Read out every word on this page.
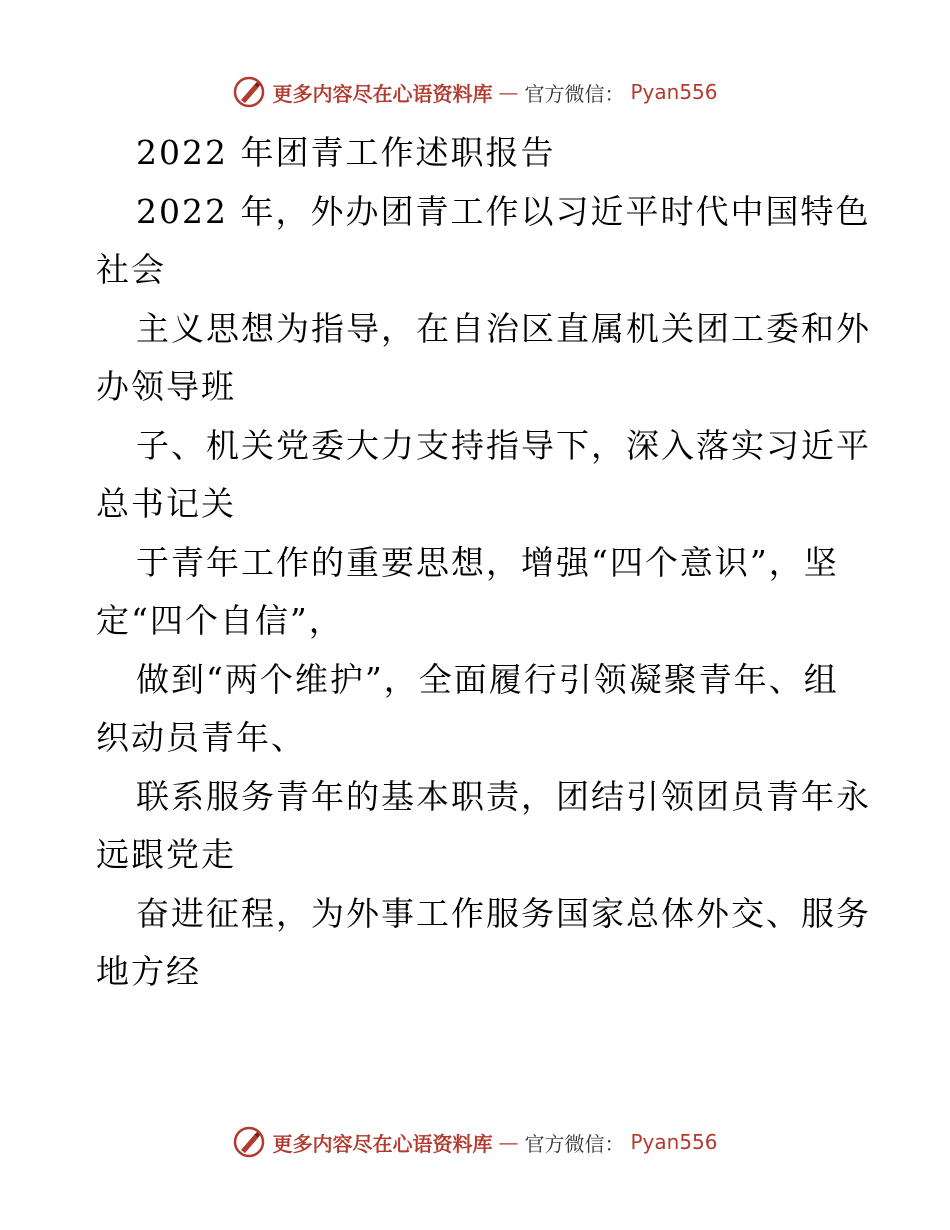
更多内容尽在心语资料库 — 官方微信： Pyan556
2022 年团青工作述职报告
2022 年，外办团青工作以习近平时代中国特色
社会
主义思想为指导，在自治区直属机关团工委和外
办领导班
子、机关党委大力支持指导下，深入落实习近平
总书记关
于青年工作的重要思想，增强“四个意识”，坚
定“四个自信”，
做到“两个维护”，全面履行引领凝聚青年、组
织动员青年、
联系服务青年的基本职责，团结引领团员青年永
远跟党走
奋进征程，为外事工作服务国家总体外交、服务
地方经
更多内容尽在心语资料库 — 官方微信： Pyan556
